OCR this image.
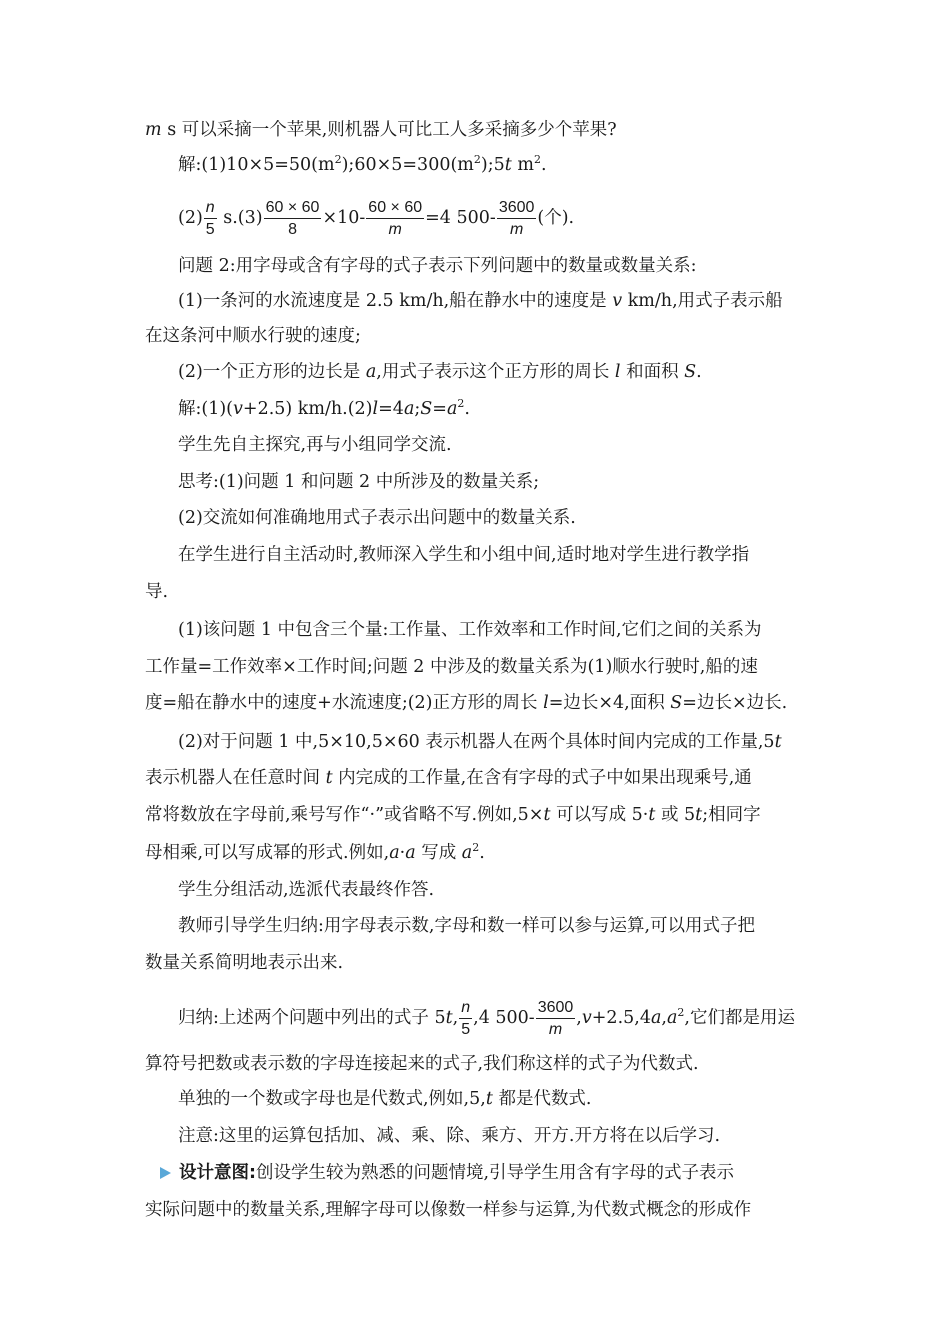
m s 可以采摘一个苹果,则机器人可比工人多采摘多少个苹果?
解$:(1)10\times 5=50(m^2);60\times 5=300(m^2);5t$ $m^2$.
$(2) \frac{n}{5} s.(3) \frac{60 \times 60}{8} \times 10- \frac{60 \times 60}{m} =4$ $500- \frac{3600}{m}$ (个).
问题 2:用字母或含有字母的式子表示下列问题中的数量或数量关系:
(1)一条河的水流速度是 2.5 km/h,船在静水中的速度是 v km/h,用式子表示船
在这条河中顺水行驶的速度;
(2)一个正方形的边长是 a,用式子表示这个正方形的周长 l 和面积 S.
解:(1)(v+2.5) $km/h.(2)l=4a;S=a^2$.
学生先自主探究,再与小组同学交流.
思考:(1)问题 1 和问题 2 中所涉及的数量关系;
(2)交流如何准确地用式子表示出问题中的数量关系.
在学生进行自主活动时,教师深入学生和小组中间,适时地对学生进行教学指
导.
(1)该问题 1 中包含三个量:工作量、工作效率和工作时间,它们之间的关系为
工作量=工作效率×工作时间;问题 2 中涉及的数量关系为(1)顺水行驶时,船的速
度=船在静水中的速度+水流速度;(2)正方形的周长 l=边长×4,面积 S=边长×边长.
(2)对于问题 1 中,5×10,5×60 表示机器人在两个具体时间内完成的工作量,5t
表示机器人在任意时间 t 内完成的工作量,在含有字母的式子中如果出现乘号,通
常将数放在字母前,乘号写作“·”或省略不写.例如,5×t 可以写成 5·t 或 5t;相同字
母相乘,可以写成幂的形式.例如,a·a 写成 $a^2$.
学生分组活动,选派代表最终作答.
教师引导学生归纳:用字母表示数,字母和数一样可以参与运算,可以用式子把
数量关系简明地表示出来.
归纳:上述两个问题中列出的式子 5t, $\frac{n}{5} ,4$ $500- \frac{3600}{m} ,v+2.5,4a,a^2$,它们都是用运
算符号把数或表示数的字母连接起来的式子,我们称这样的式子为代数式.
单独的一个数或字母也是代数式,例如,5,t 都是代数式.
注意:这里的运算包括加、减、乘、除、乘方、开方.开方将在以后学习.
设计意图:创设学生较为熟悉的问题情境,引导学生用含有字母的式子表示
实际问题中的数量关系,理解字母可以像数一样参与运算,为代数式概念的形成作
